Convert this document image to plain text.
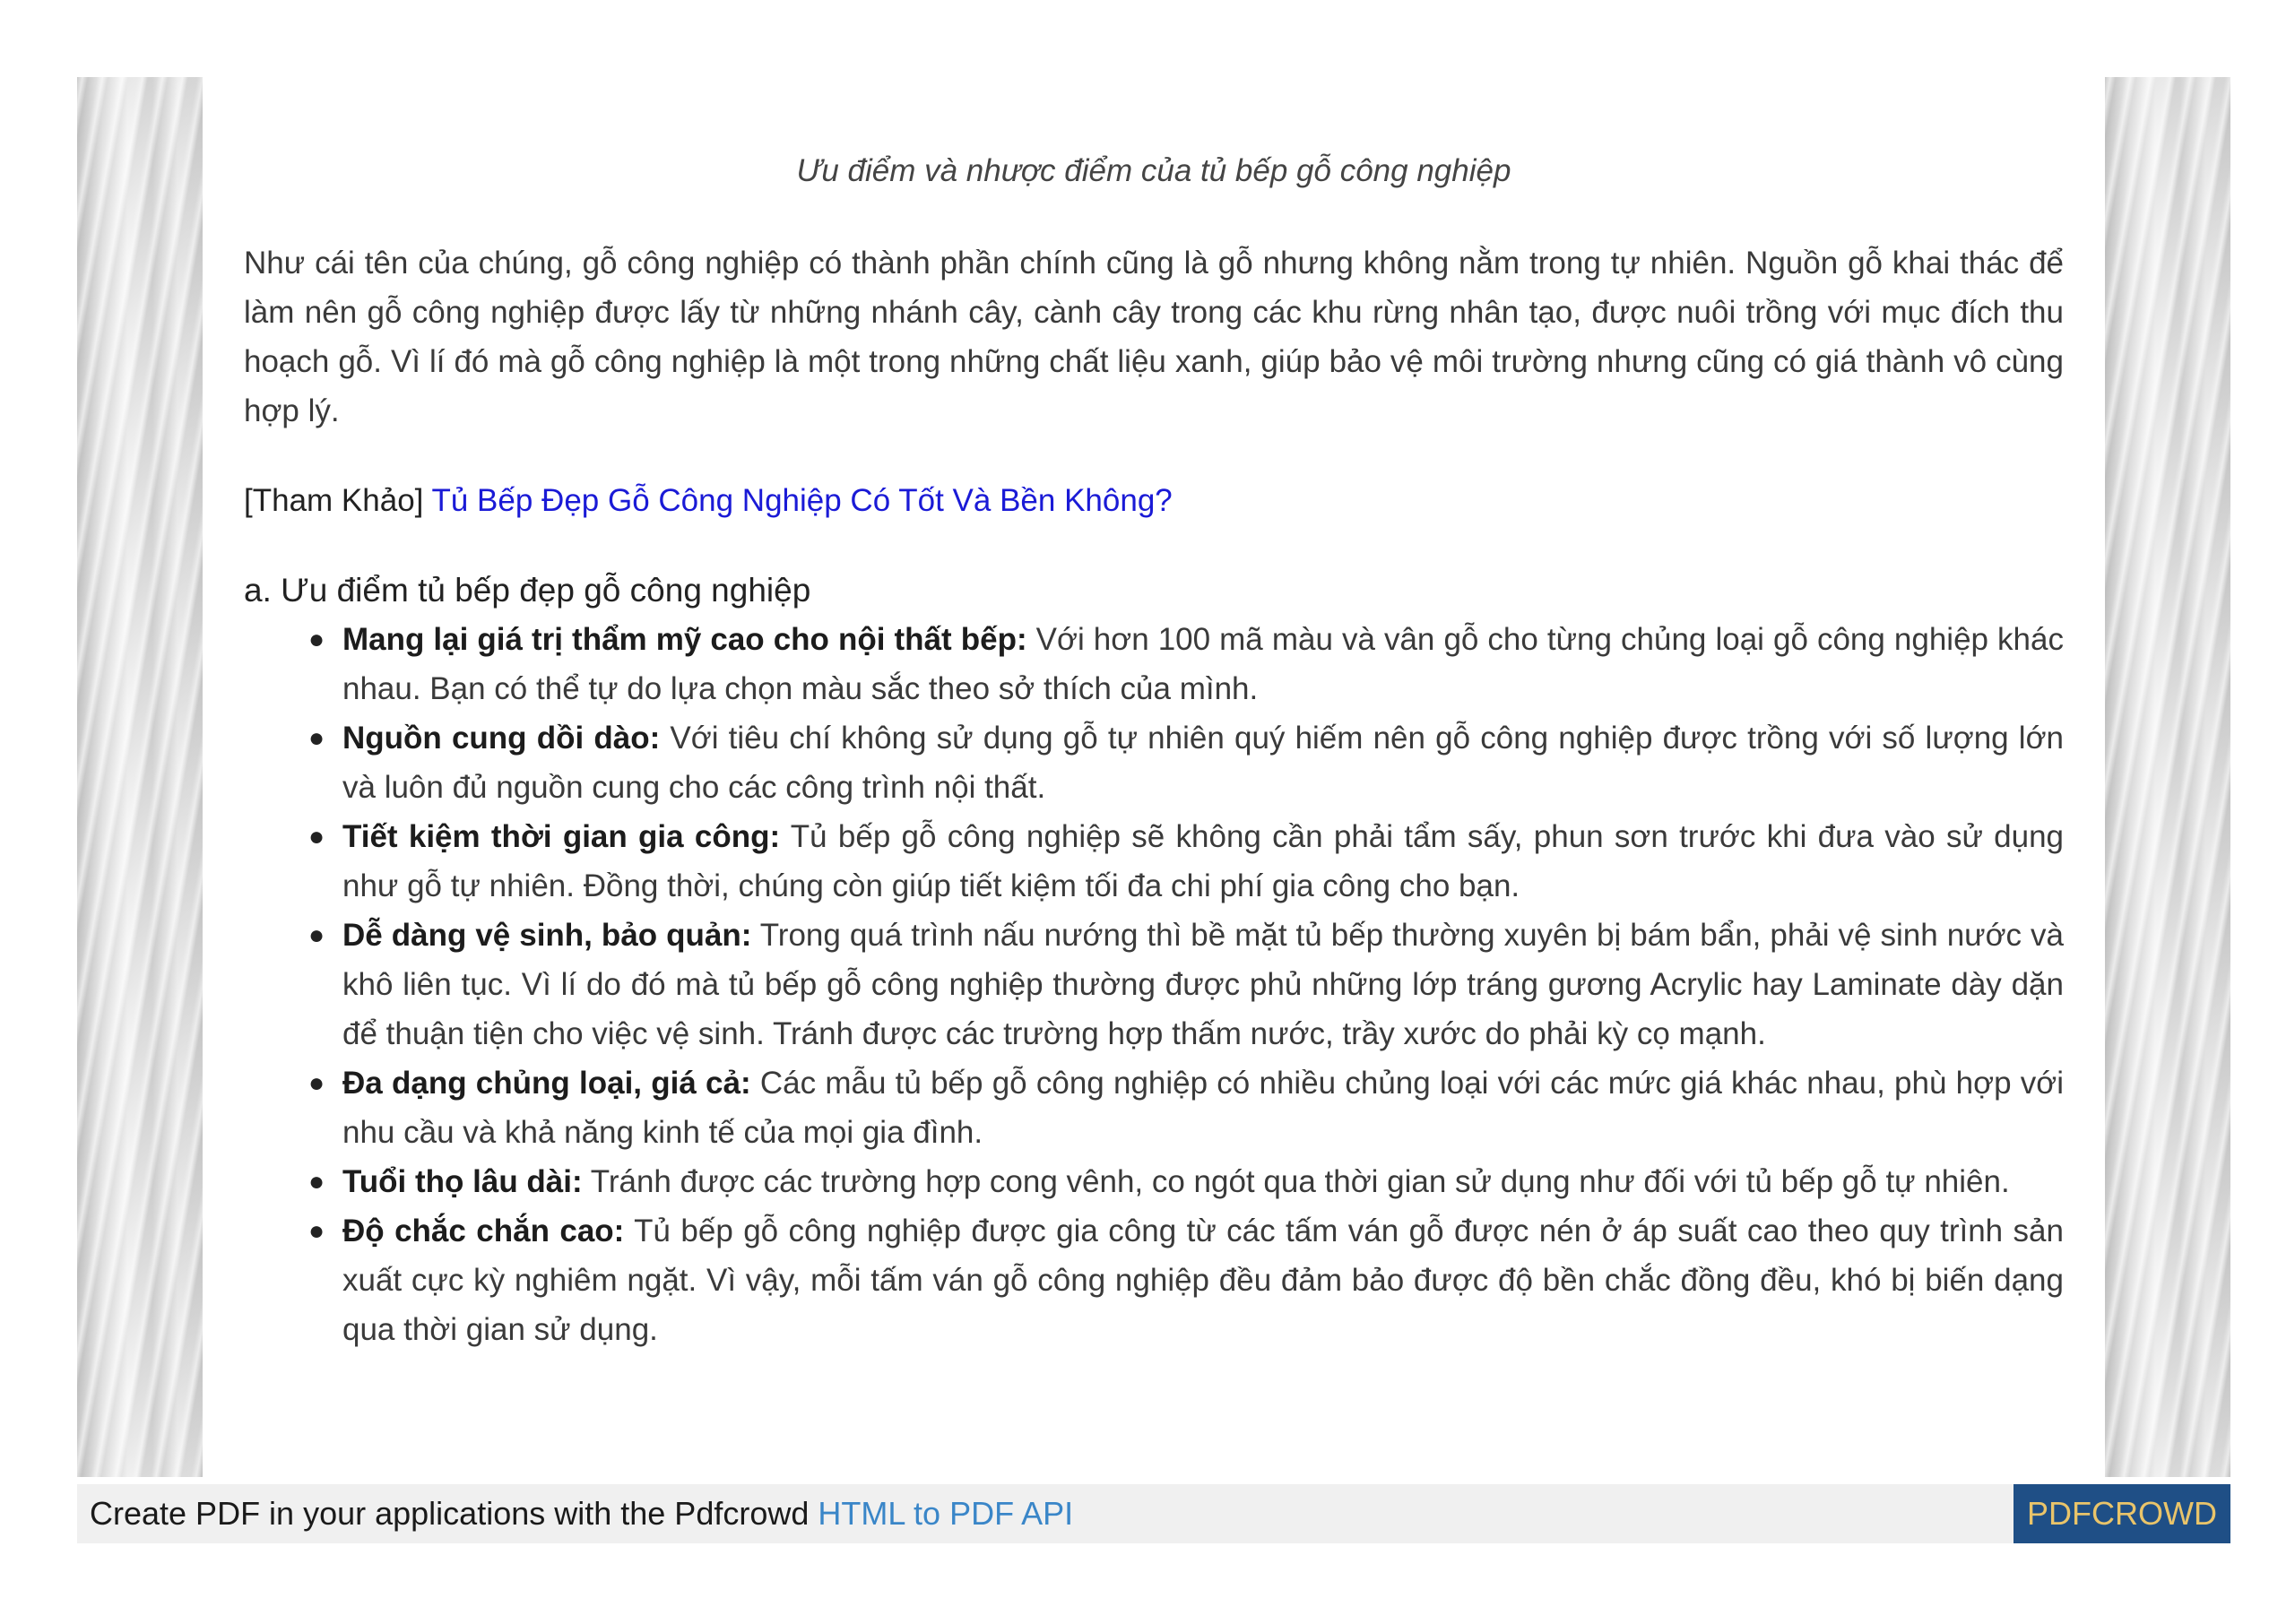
Ưu điểm và nhược điểm của tủ bếp gỗ công nghiệp

Như cái tên của chúng, gỗ công nghiệp có thành phần chính cũng là gỗ nhưng không nằm trong tự nhiên. Nguồn gỗ khai thác để làm nên gỗ công nghiệp được lấy từ những nhánh cây, cành cây trong các khu rừng nhân tạo, được nuôi trồng với mục đích thu hoạch gỗ. Vì lí đó mà gỗ công nghiệp là một trong những chất liệu xanh, giúp bảo vệ môi trường nhưng cũng có giá thành vô cùng hợp lý.

[Tham Khảo] Tủ Bếp Đẹp Gỗ Công Nghiệp Có Tốt Và Bền Không?

a. Ưu điểm tủ bếp đẹp gỗ công nghiệp

● Mang lại giá trị thẩm mỹ cao cho nội thất bếp: Với hơn 100 mã màu và vân gỗ cho từng chủng loại gỗ công nghiệp khác nhau. Bạn có thể tự do lựa chọn màu sắc theo sở thích của mình.
● Nguồn cung dồi dào: Với tiêu chí không sử dụng gỗ tự nhiên quý hiếm nên gỗ công nghiệp được trồng với số lượng lớn và luôn đủ nguồn cung cho các công trình nội thất.
● Tiết kiệm thời gian gia công: Tủ bếp gỗ công nghiệp sẽ không cần phải tẩm sấy, phun sơn trước khi đưa vào sử dụng như gỗ tự nhiên. Đồng thời, chúng còn giúp tiết kiệm tối đa chi phí gia công cho bạn.
● Dễ dàng vệ sinh, bảo quản: Trong quá trình nấu nướng thì bề mặt tủ bếp thường xuyên bị bám bẩn, phải vệ sinh nước và khô liên tục. Vì lí do đó mà tủ bếp gỗ công nghiệp thường được phủ những lớp tráng gương Acrylic hay Laminate dày dặn để thuận tiện cho việc vệ sinh. Tránh được các trường hợp thấm nước, trầy xước do phải kỳ cọ mạnh.
● Đa dạng chủng loại, giá cả: Các mẫu tủ bếp gỗ công nghiệp có nhiều chủng loại với các mức giá khác nhau, phù hợp với nhu cầu và khả năng kinh tế của mọi gia đình.
● Tuổi thọ lâu dài: Tránh được các trường hợp cong vênh, co ngót qua thời gian sử dụng như đối với tủ bếp gỗ tự nhiên.
● Độ chắc chắn cao: Tủ bếp gỗ công nghiệp được gia công từ các tấm ván gỗ được nén ở áp suất cao theo quy trình sản xuất cực kỳ nghiêm ngặt. Vì vậy, mỗi tấm ván gỗ công nghiệp đều đảm bảo được độ bền chắc đồng đều, khó bị biến dạng qua thời gian sử dụng.
Create PDF in your applications with the Pdfcrowd HTML to PDF API	PDFCROWD
